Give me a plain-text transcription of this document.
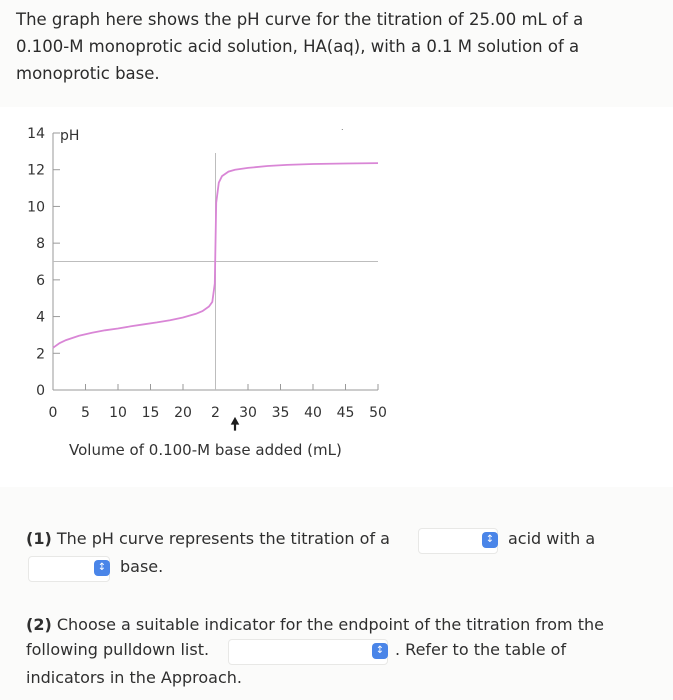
The graph here shows the pH curve for the titration of 25.00 mL of a
0.100-M monoprotic acid solution, HA(aq), with a 0.1 M solution of a
monoprotic base.
14
12
10
8
6
4
2
0
0 5 10 15 20 2 30 35 40 45 50
pH
Volume of 0.100-M base added (mL)
.
(1) The pH curve represents the titration of a	↕ acid with a
↕ base.
(2) Choose a suitable indicator for the endpoint of the titration from the
following pulldown list.	↕ . Refer to the table of
indicators in the Approach.
